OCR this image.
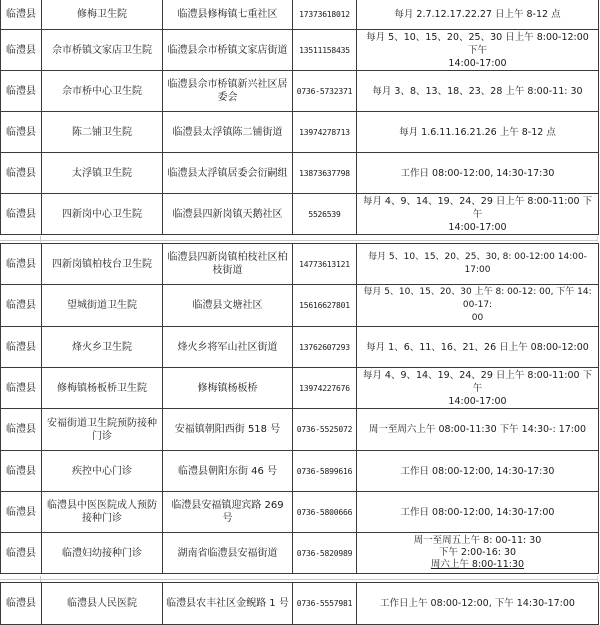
临澧县	修梅卫生院	临澧县修梅镇七重社区	17373618012	每月 2.7.12.17.22.27 日上午 8-12 点

临澧县	佘市桥镇文家店卫生院	临澧县佘市桥镇文家店街道	13511158435	每月 5、10、15、20、25、30 日上午 8:00-12:00 下午
14:00-17:00

临澧县	佘市桥中心卫生院	临澧县佘市桥镇新兴社区居委会	0736-5732371	每月 3、8、13、18、23、28 上午 8:00-11: 30

临澧县	陈二铺卫生院	临澧县太浮镇陈二铺街道	13974278713	每月 1.6.11.16.21.26 上午 8-12 点

临澧县	太浮镇卫生院	临澧县太浮镇居委会衍嗣组	13873637798	工作日 08:00-12:00, 14:30-17:30

临澧县	四新岗中心卫生院	临澧县四新岗镇天鹅社区	5526539	每月 4、9、14、19、24、29 日上午 8:00-11:00 下午
14:00-17:00
临澧县	四新岗镇柏枝台卫生院	临澧县四新岗镇柏枝社区柏枝街道	14773613121	每月 5、10、15、20、25、30, 8: 00-12:00 14:00-17:00

临澧县	望城街道卫生院	临澧县文塘社区	15616627801	每月 5、10、15、20、30 上午 8: 00-12: 00, 下午 14: 00-17:
00

临澧县	烽火乡卫生院	烽火乡将军山社区街道	13762607293	每月 1、6、11、16、21、26 日上午 08:00-12:00

临澧县	修梅镇杨板桥卫生院	修梅镇杨板桥	13974227676	每月 4、9、14、19、24、29 日上午 8:00-11:00 下午
14:00-17:00

临澧县	安福街道卫生院预防接种门诊	安福镇朝阳西街 518 号	0736-5525072	周一至周六上午 08:00-11:30 下午 14:30-: 17:00

临澧县	疾控中心门诊	临澧县朝阳东街 46 号	0736-5899616	工作日 08:00-12:00, 14:30-17:30

临澧县	临澧县中医医院成人预防接种门诊	临澧县安福镇迎宾路 269 号	0736-5800666	工作日 08:00-12:00, 14:30-17:00

临澧县	临澧妇幼接种门诊	湖南省临澧县安福街道	0736-5820989	周一至周五上午 8: 00-11: 30
下午 2:00-16: 30
周六上午 8:00-11:30
临澧县	临澧县人民医院	临澧县农丰社区金鲵路 1 号	0736-5557981	工作日上午 08:00-12:00, 下午 14:30-17:00
